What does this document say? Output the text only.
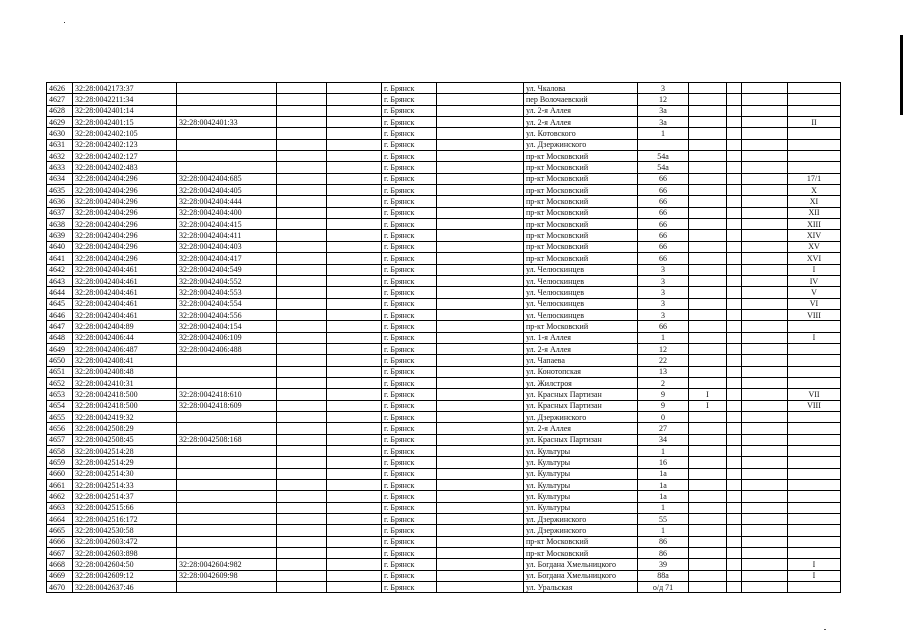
4626	32:28:0042173:37				г. Брянск		ул. Чкалова	3				
4627	32:28:0042211:34				г. Брянск		пер Волочаевский	12				
4628	32:28:0042401:14				г. Брянск		ул. 2-я Аллея	3а				
4629	32:28:0042401:15	32:28:0042401:33			г. Брянск		ул. 2-я Аллея	3а				II
4630	32:28:0042402:105				г. Брянск		ул. Котовского	1				
4631	32:28:0042402:123				г. Брянск		ул. Дзержинского					
4632	32:28:0042402:127				г. Брянск		пр-кт Московский	54а				
4633	32:28:0042402:483				г. Брянск		пр-кт Московский	54а				
4634	32:28:0042404:296	32:28:0042404:685			г. Брянск		пр-кт Московский	66				17/1
4635	32:28:0042404:296	32:28:0042404:405			г. Брянск		пр-кт Московский	66				X
4636	32:28:0042404:296	32:28:0042404:444			г. Брянск		пр-кт Московский	66				XI
4637	32:28:0042404:296	32:28:0042404:400			г. Брянск		пр-кт Московский	66				XII
4638	32:28:0042404:296	32:28:0042404:415			г. Брянск		пр-кт Московский	66				XIII
4639	32:28:0042404:296	32:28:0042404:411			г. Брянск		пр-кт Московский	66				XIV
4640	32:28:0042404:296	32:28:0042404:403			г. Брянск		пр-кт Московский	66				XV
4641	32:28:0042404:296	32:28:0042404:417			г. Брянск		пр-кт Московский	66				XVI
4642	32:28:0042404:461	32:28:0042404:549			г. Брянск		ул. Челюскинцев	3				I
4643	32:28:0042404:461	32:28:0042404:552			г. Брянск		ул. Челюскинцев	3				IV
4644	32:28:0042404:461	32:28:0042404:553			г. Брянск		ул. Челюскинцев	3				V
4645	32:28:0042404:461	32:28:0042404:554			г. Брянск		ул. Челюскинцев	3				VI
4646	32:28:0042404:461	32:28:0042404:556			г. Брянск		ул. Челюскинцев	3				VIII
4647	32:28:0042404:89	32:28:0042404:154			г. Брянск		пр-кт Московский	66				
4648	32:28:0042406:44	32:28:0042406:109			г. Брянск		ул. 1-я Аллея	1				I
4649	32:28:0042406:487	32:28:0042406:488			г. Брянск		ул. 2-я Аллея	12				
4650	32:28:0042408:41				г. Брянск		ул. Чапаева	22				
4651	32:28:0042408:48				г. Брянск		ул. Конотопская	13				
4652	32:28:0042410:31				г. Брянск		ул. Жилстроя	2				
4653	32:28:0042418:500	32:28:0042418:610			г. Брянск		ул. Красных Партизан	9	I			VII
4654	32:28:0042418:500	32:28:0042418:609			г. Брянск		ул. Красных Партизан	9	I			VIII
4655	32:28:0042419:32				г. Брянск		ул. Дзержинского	0				
4656	32:28:0042508:29				г. Брянск		ул. 2-я Аллея	27				
4657	32:28:0042508:45	32:28:0042508:168			г. Брянск		ул. Красных Партизан	34				
4658	32:28:0042514:28				г. Брянск		ул. Культуры	1				
4659	32:28:0042514:29				г. Брянск		ул. Культуры	16				
4660	32:28:0042514:30				г. Брянск		ул. Культуры	1а				
4661	32:28:0042514:33				г. Брянск		ул. Культуры	1а				
4662	32:28:0042514:37				г. Брянск		ул. Культуры	1а				
4663	32:28:0042515:66				г. Брянск		ул. Культуры	1				
4664	32:28:0042516:172				г. Брянск		ул. Дзержинского	55				
4665	32:28:0042530:58				г. Брянск		ул. Дзержинского	1				
4666	32:28:0042603:472				г. Брянск		пр-кт Московский	86				
4667	32:28:0042603:898				г. Брянск		пр-кт Московский	86				
4668	32:28:0042604:50	32:28:0042604:982			г. Брянск		ул. Богдана Хмельницкого	39				I
4669	32:28:0042609:12	32:28:0042609:98			г. Брянск		ул. Богдана Хмельницкого	88а				I
4670	32:28:0042637:46				г. Брянск		ул. Уральская	о/д 71				
